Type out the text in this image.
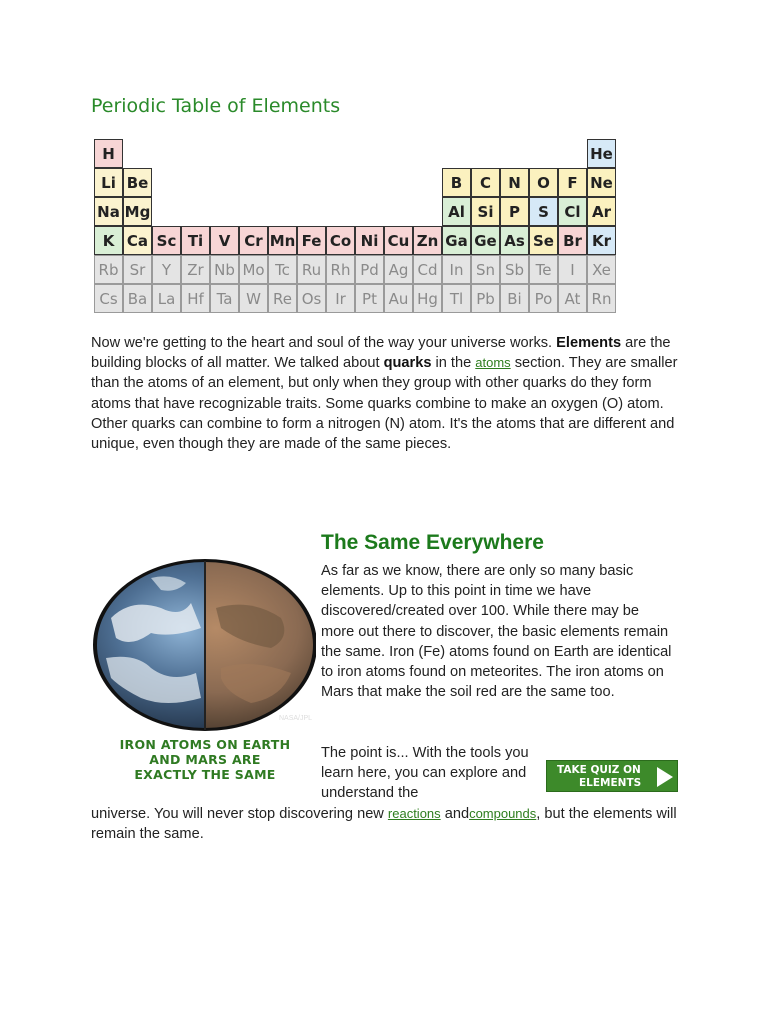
Periodic Table of Elements
H	He
Li Be	B	C	N	O	F Ne
Na Mg	Al Si	P	S	Cl Ar
K Ca Sc Ti	V Cr Mn Fe Co Ni Cu Zn Ga Ge As Se Br Kr
Rb Sr	Y	Zr Nb Mo Tc Ru Rh Pd Ag Cd In Sn Sb Te	I	Xe
Cs Ba La Hf Ta W Re Os Ir	Pt Au Hg Tl Pb Bi Po At Rn

Now we're getting to the heart and soul of the way your universe works. Elements are the building blocks of all matter. We talked about quarks in the atoms section. They are smaller than the atoms of an element, but only when they group with other quarks do they form atoms that have recognizable traits. Some quarks combine to make an oxygen (O) atom. Other quarks can combine to form a nitrogen (N) atom. It's the atoms that are different and unique, even though they are made of the same pieces.

The Same Everywhere
NASA/JPL
IRON ATOMS ON EARTH AND MARS ARE EXACTLY THE SAME

As far as we know, there are only so many basic elements. Up to this point in time we have discovered/created over 100. While there may be more out there to discover, the basic elements remain the same. Iron (Fe) atoms found on Earth are identical to iron atoms found on meteorites. The iron atoms on Mars that make the soil red are the same too.

The point is... With the tools you learn here, you can explore and understand the

TAKE QUIZ ON
ELEMENTS

universe. You will never stop discovering new reactions andcompounds, but the elements will remain the same.
